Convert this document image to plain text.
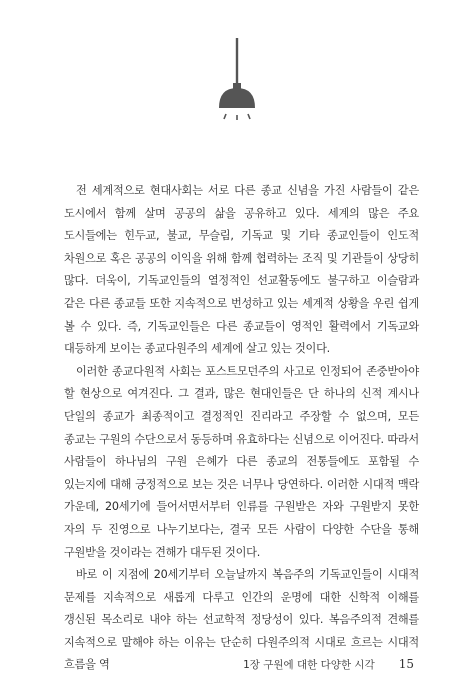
전 세계적으로 현대사회는 서로 다른 종교 신념을 가진 사람들이 같은 도시에서 함께 살며 공공의 삶을 공유하고 있다. 세계의 많은 주요 도시들에는 힌두교, 불교, 무슬림, 기독교 및 기타 종교인들이 인도적 차원으로 혹은 공공의 이익을 위해 함께 협력하는 조직 및 기관들이 상당히 많다. 더욱이, 기독교인들의 열정적인 선교활동에도 불구하고 이슬람과 같은 다른 종교들 또한 지속적으로 번성하고 있는 세계적 상황을 우린 쉽게 볼 수 있다. 즉, 기독교인들은 다른 종교들이 영적인 활력에서 기독교와 대등하게 보이는 종교다원주의 세계에 살고 있는 것이다.

이러한 종교다원적 사회는 포스트모던주의 사고로 인정되어 존중받아야 할 현상으로 여겨진다. 그 결과, 많은 현대인들은 단 하나의 신적 계시나 단일의 종교가 최종적이고 결정적인 진리라고 주장할 수 없으며, 모든 종교는 구원의 수단으로서 동등하며 유효하다는 신념으로 이어진다. 따라서 사람들이 하나님의 구원 은혜가 다른 종교의 전통들에도 포함될 수 있는지에 대해 긍정적으로 보는 것은 너무나 당연하다. 이러한 시대적 맥락 가운데, 20세기에 들어서면서부터 인류를 구원받은 자와 구원받지 못한 자의 두 진영으로 나누기보다는, 결국 모든 사람이 다양한 수단을 통해 구원받을 것이라는 견해가 대두된 것이다.

바로 이 지점에 20세기부터 오늘날까지 복음주의 기독교인들이 시대적 문제를 지속적으로 새롭게 다루고 인간의 운명에 대한 신학적 이해를 갱신된 목소리로 내야 하는 선교학적 정당성이 있다. 복음주의적 견해를 지속적으로 말해야 하는 이유는 단순히 다원주의적 시대로 흐르는 시대적 흐름을 역	1장 구원에 대한 다양한 시각 15
